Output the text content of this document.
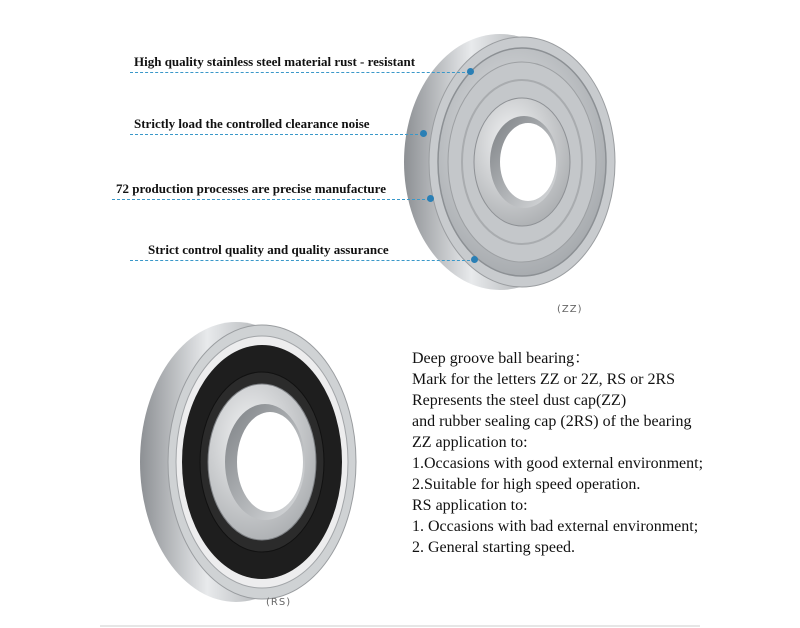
High quality stainless steel material rust - resistant
Strictly load the controlled clearance noise
72 production processes are precise manufacture
Strict control quality and quality assurance
(ZZ)
(RS)
Deep groove ball bearing：
Mark for the letters ZZ or 2Z, RS or 2RS
Represents the steel dust cap(ZZ)
and rubber sealing cap (2RS) of the bearing
ZZ application to:
1.Occasions with good external environment;
2.Suitable for high speed operation.
RS application to:
1. Occasions with bad external environment;
2. General starting speed.
